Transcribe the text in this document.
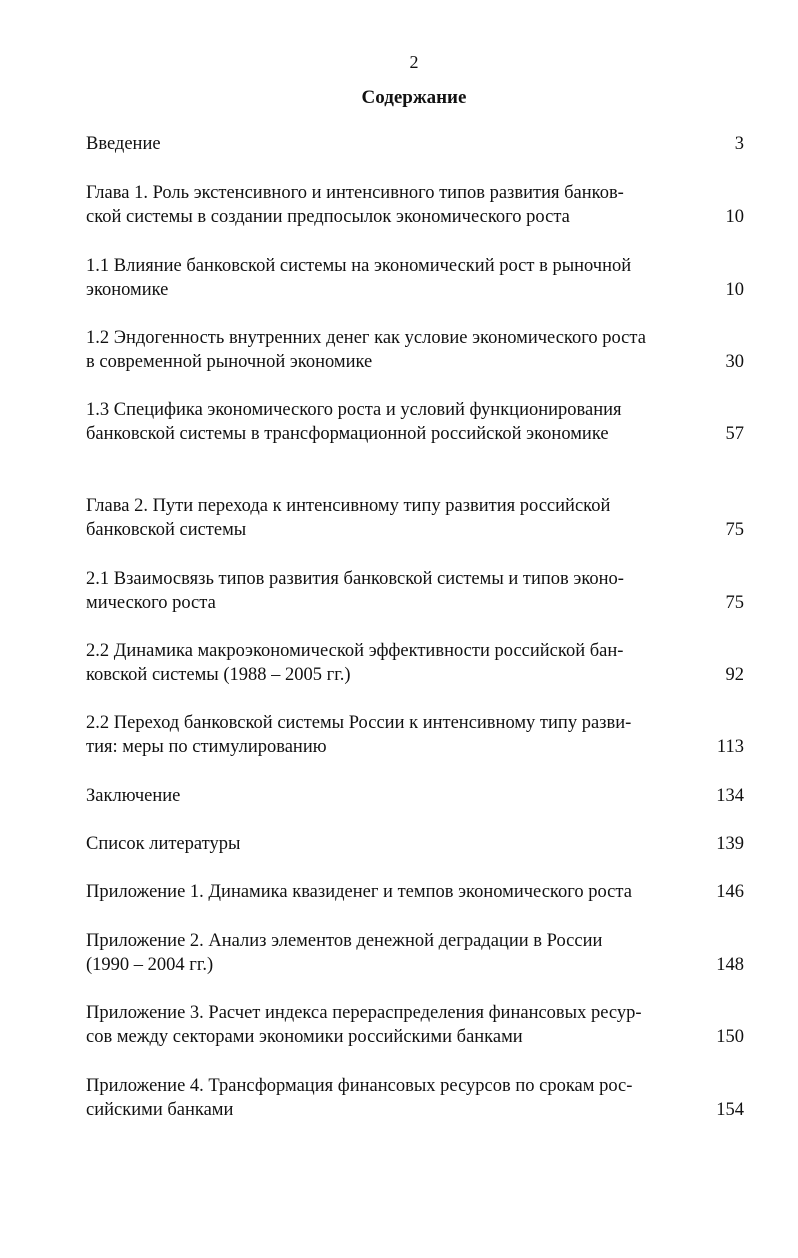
2
Содержание
Введение	3
Глава 1. Роль экстенсивного и интенсивного типов развития банков-
ской системы в создании предпосылок экономического роста	10
1.1 Влияние банковской системы на экономический рост в рыночной
экономике	10
1.2 Эндогенность внутренних денег как условие экономического роста
в современной рыночной экономике	30
1.3 Специфика экономического роста и условий функционирования
банковской системы в трансформационной российской экономике	57
Глава 2. Пути перехода к интенсивному типу развития российской
банковской системы	75
2.1 Взаимосвязь типов развития банковской системы и типов эконо-
мического роста	75
2.2 Динамика макроэкономической эффективности российской бан-
ковской системы (1988 – 2005 гг.)	92
2.2 Переход банковской системы России к интенсивному типу разви-
тия: меры по стимулированию	113
Заключение	134
Список литературы	139
Приложение 1. Динамика квазиденег и темпов экономического роста	146
Приложение 2. Анализ элементов денежной деградации в России
(1990 – 2004 гг.)	148
Приложение 3. Расчет индекса перераспределения финансовых ресур-
сов между секторами экономики российскими банками	150
Приложение 4. Трансформация финансовых ресурсов по срокам рос-
сийскими банками	154
